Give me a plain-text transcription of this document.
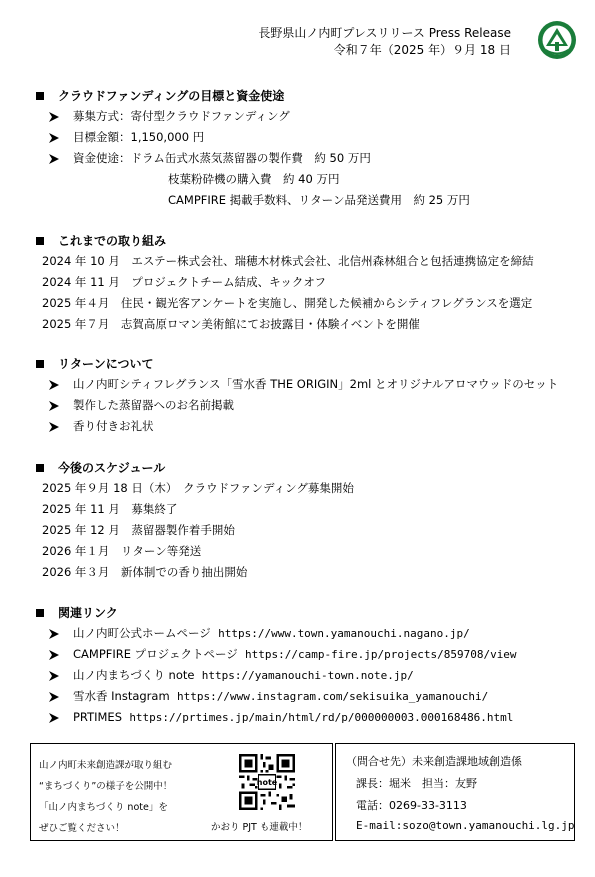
長野県山ノ内町プレスリリース Press Release
令和７年（2025 年）９月 18 日
クラウドファンディングの目標と資金使途
募集方式：寄付型クラウドファンディング
目標金額：1,150,000 円
資金使途：ドラム缶式水蒸気蒸留器の製作費　約 50 万円
枝葉粉砕機の購入費　約 40 万円
CAMPFIRE 掲載手数料、リターン品発送費用　約 25 万円
これまでの取り組み
2024 年 10 月　エステー株式会社、瑞穂木材株式会社、北信州森林組合と包括連携協定を締結
2024 年 11 月　プロジェクトチーム結成、キックオフ
2025 年４月　住民・観光客アンケートを実施し、開発した候補からシティフレグランスを選定
2025 年７月　志賀高原ロマン美術館にてお披露目・体験イベントを開催
リターンについて
山ノ内町シティフレグランス「雪水香 THE ORIGIN」2ml とオリジナルアロマウッドのセット
製作した蒸留器へのお名前掲載
香り付きお礼状
今後のスケジュール
2025 年９月 18 日（木）　クラウドファンディング募集開始
2025 年 11 月　募集終了
2025 年 12 月　蒸留器製作着手開始
2026 年１月　リターン等発送
2026 年３月　新体制での香り抽出開始
関連リンク
山ノ内町公式ホームページ
https://www.town.yamanouchi.nagano.jp/
CAMPFIRE プロジェクトページ
https://camp-fire.jp/projects/859708/view
山ノ内まちづくり note
https://yamanouchi-town.note.jp/
雪水香 Instagram
https://www.instagram.com/sekisuika_yamanouchi/
PRTIMES
https://prtimes.jp/main/html/rd/p/000000003.000168486.html
山ノ内町未来創造課が取り組む
“まちづくり”の様子を公開中！
「山ノ内まちづくり note」を
ぜひご覧ください！
note
かおり PJT も連載中！
（問合せ先）未来創造課地域創造係
課長：堀米　担当：友野
電話：0269-33-3113
E-mail:sozo@town.yamanouchi.lg.jp
